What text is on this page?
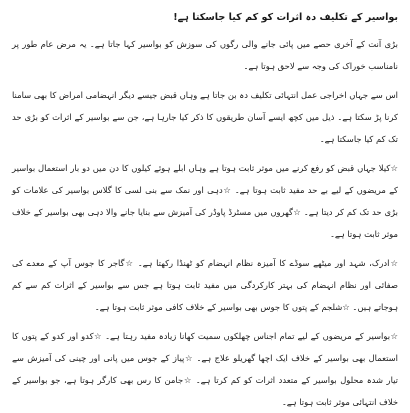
بواسیر کے تکلیف دہ اثرات کو کم کیا جاسکتا ہے!

بڑی آنت کے آخری حصے میں پائی جانے والی رگوں کی سوزش کو بواسیر کہا جاتا ہے۔ یہ مرض عام طور پر نامناسب خوراک کی وجہ سے لاحق ہوتا ہے۔

اس سے جہاں اخراجی عمل انتہائی تکلیف دہ بن جاتا ہے وہاں قبض جیسے دیگر انہضامی امراض کا بھی سامنا کرنا پڑ سکتا ہے۔ ذیل میں کچھ ایسے آسان طریقوں کا ذکر کیا جارہا ہے، جن سے بواسیر کے اثرات کو بڑی حد تک کم کیا جاسکتا ہے۔

☆کیلا جہاں قبض کو رفع کرنے میں موثر ثابت ہوتا ہے وہاں ابلے ہوئے کیلوں کا دن میں دو بار استعمال بواسیر کے مریضوں کے لیے بے حد مفید ثابت ہوتا ہے۔ ☆دہی اور نمک سے بنی لسی کا گلاس بواسیر کی علامات کو بڑی حد تک کم کر دیتا ہے۔ ☆گھروں میں مسٹرڈ پاوڈر کی آمیزش سے بنایا جانے والا دہی بھی بواسیر کے خلاف موثر ثابت ہوتا ہے۔

☆ادرک، شہد اور میٹھے سوڈے کا آمیزہ نظام انہضام کو ٹھنڈا رکھتا ہے۔ ☆گاجر کا جوس آپ کے معدے کی صفائی اور نظام انہضام کی بہتر کارکردگی میں مفید ثابت ہوتا ہے جس سے بواسیر کے اثرات کم سے کم ہوجاتے ہیں۔ ☆شلجم کے پتوں کا جوس بھی بواسیر کے خلاف کافی موثر ثابت ہوتا ہے۔

☆بواسیر کے مریضوں کے لیے تمام اجناس چھلکوں سمیت کھانا زیادہ مفید رہتا ہے۔ ☆کدو اور کدو کے پتوں کا استعمال بھی بواسیر کے خلاف ایک اچھا گھریلو علاج ہے۔ ☆پیاز کے جوس میں پانی اور چینی کی آمیزش سے تیار شدہ محلول بواسیر کے متعدد اثرات کو کم کرتا ہے۔ ☆جامن کا رس بھی کارگر ہوتا ہے، جو بواسیر کے خلاف انتہائی موثر ثابت ہوتا ہے۔
